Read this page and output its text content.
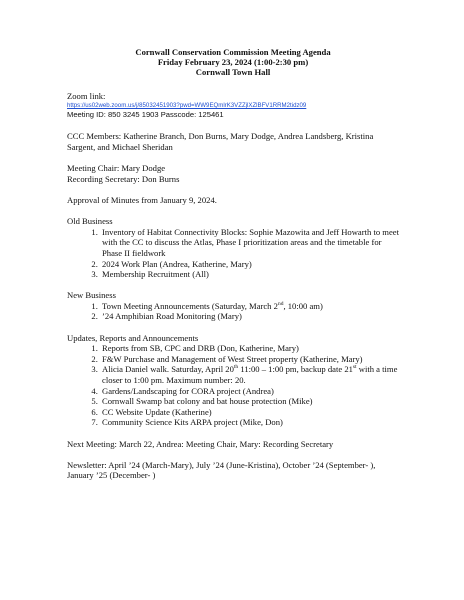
Cornwall Conservation Commission Meeting Agenda
Friday February 23, 2024 (1:00-2:30 pm)
Cornwall Town Hall
Zoom link:
https://us02web.zoom.us/j/85032451903?pwd=WW9EQmlrK3VZZjlXZlBFV1RRM2tidz09
Meeting ID: 850 3245 1903 Passcode: 125461
CCC Members: Katherine Branch, Don Burns, Mary Dodge, Andrea Landsberg, Kristina Sargent, and Michael Sheridan
Meeting Chair: Mary Dodge
Recording Secretary: Don Burns
Approval of Minutes from January 9, 2024.
Old Business
1. Inventory of Habitat Connectivity Blocks: Sophie Mazowita and Jeff Howarth to meet with the CC to discuss the Atlas, Phase I prioritization areas and the timetable for Phase II fieldwork
2. 2024 Work Plan (Andrea, Katherine, Mary)
3. Membership Recruitment (All)
New Business
1. Town Meeting Announcements (Saturday, March 2nd, 10:00 am)
2. ’24 Amphibian Road Monitoring (Mary)
Updates, Reports and Announcements
1. Reports from SB, CPC and DRB (Don, Katherine, Mary)
2. F&W Purchase and Management of West Street property (Katherine, Mary)
3. Alicia Daniel walk. Saturday, April 20th 11:00 – 1:00 pm, backup date 21st with a time closer to 1:00 pm. Maximum number: 20.
4. Gardens/Landscaping for CORA project (Andrea)
5. Cornwall Swamp bat colony and bat house protection (Mike)
6. CC Website Update (Katherine)
7. Community Science Kits ARPA project (Mike, Don)
Next Meeting: March 22, Andrea: Meeting Chair, Mary: Recording Secretary
Newsletter: April ’24 (March-Mary), July ’24 (June-Kristina), October ’24 (September- ), January ’25 (December- )
